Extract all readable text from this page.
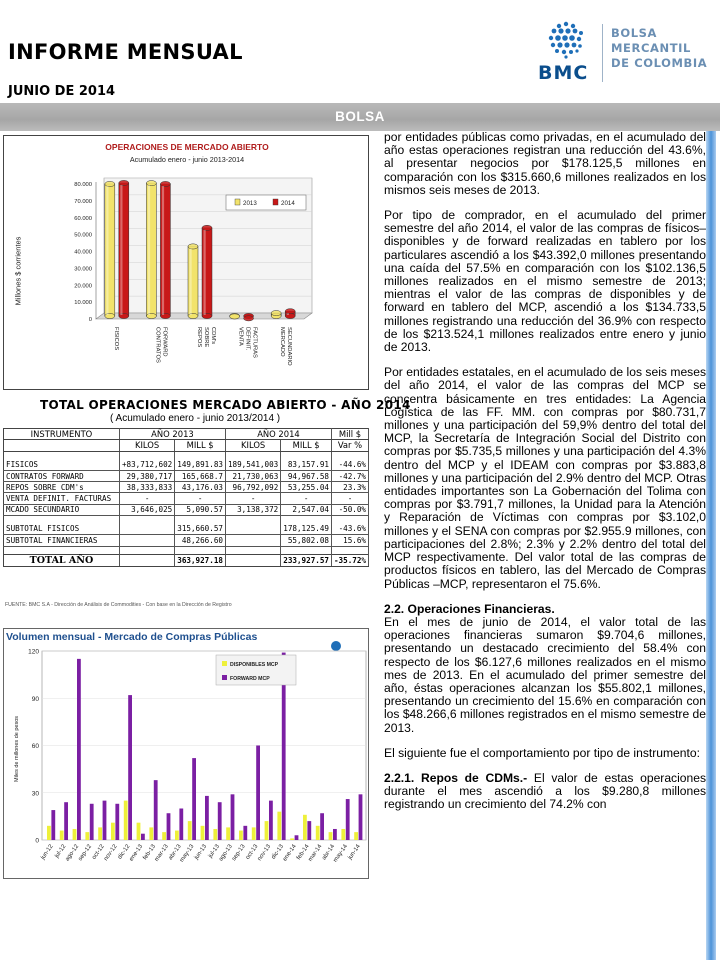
INFORME MENSUAL
JUNIO DE 2014
BMC
BOLSA
MERCANTIL
DE COLOMBIA
BOLSA
OPERACIONES DE MERCADO ABIERTO
Acumulado enero - junio 2013-2014
Millones $ corrientes
0
10.000
20.000
30.000
40.000
50.000
60.000
70.000
80.000
FISICOS	CONTRATOS FORWARD	REPOS SOBRE CDM's	VENTA DEFINIT. FACTURAS	MERCADO SECUNDARIO
2013	2014
TOTAL OPERACIONES MERCADO ABIERTO - AÑO 2014
( Acumulado enero - junio 2013/2014 )
INSTRUMENTO	AÑO 2013		AÑO 2014		Mill $
	KILOS	MILL $	KILOS	MILL $	Var %

FISICOS	+83,712,602	149,891.83	189,541,003	83,157.91	-44.6%
CONTRATOS FORWARD	29,380,717	165,668.7	21,730,063	94,967.58	-42.7%
REPOS SOBRE CDM's	38,333,833	43,176.03	96,792,092	53,255.04	23.3%
VENTA DEFINIT. FACTURAS	-	-	-	-	-
MCADO SECUNDARIO	3,646,025	5,090.57	3,138,372	2,547.04	-50.0%

SUBTOTAL FISICOS		315,660.57		178,125.49	-43.6%
SUBTOTAL FINANCIERAS		48,266.60		55,802.08	15.6%

TOTAL AÑO		363,927.18		233,927.57	-35.72%
FUENTE: BMC S.A - Dirección de Análisis de Commodities - Con base en la Dirección de Registro
0
30
60
90
120
Miles de millones de pesos
jun-12 jul-12
ago-12
sep-12
oct-12
nov-12
dic-12
ene-13
feb-13
mar-13
abr-13
may-13
jun-13 jul-13
ago-13
sep-13
oct-13
nov-13
dic-13
ene-14
feb-14
mar-14
abr-14
may-14
jun-14
DISPONIBLES MCP
FORWARD MCP
Volumen mensual - Mercado de Compras Públicas

por entidades públicas como privadas, en el acumulado del año estas operaciones registran una reducción del 43.6%, al presentar negocios por $178.125,5 millones en comparación con los $315.660,6 millones realizados en los mismos seis meses de 2013.

Por tipo de comprador, en el acumulado del primer semestre del año 2014, el valor de las compras de físicos–disponibles y de forward realizadas en tablero por los particulares ascendió a los $43.392,0 millones presentando una caída del 57.5% en comparación con los $102.136,5 millones realizados en el mismo semestre de 2013; mientras el valor de las compras de disponibles y de forward en tablero del MCP, ascendió a los $134.733,5 millones registrando una reducción del 36.9% con respecto de los $213.524,1 millones realizados entre enero y junio de 2013.

Por entidades estatales, en el acumulado de los seis meses del año 2014, el valor de las compras del MCP se concentra básicamente en tres entidades: La Agencia Logística de las FF. MM. con compras por $80.731,7 millones y una participación del 59,9% dentro del total del MCP, la Secretaría de Integración Social del Distrito con compras por $5.735,5 millones y una participación del 4.3% dentro del MCP y el IDEAM con compras por $3.883,8 millones y una participación del 2.9% dentro del MCP. Otras entidades importantes son La Gobernación del Tolima con compras por $3.791,7 millones, la Unidad para la Atención y Reparación de Víctimas con compras por $3.102,0 millones y el SENA con compras por $2.955.9 millones, con participaciones del 2.8%; 2.3% y 2.2% dentro del total del MCP respectivamente. Del valor total de las compras de productos físicos en tablero, las del Mercado de Compras Públicas –MCP, representaron el 75.6%.

2.2. Operaciones Financieras.

En el mes de junio de 2014, el valor total de las operaciones financieras sumaron $9.704,6 millones, presentando un destacado crecimiento del 58.4% con respecto de los $6.127,6 millones realizados en el mismo mes de 2013. En el acumulado del primer semestre del año, éstas operaciones alcanzan los $55.802,1 millones, presentando un crecimiento del 15.6% en comparación con los $48.266,6 millones registrados en el mismo semestre de 2013.

El siguiente fue el comportamiento por tipo de instrumento:

2.2.1. Repos de CDMs.- El valor de estas operaciones durante el mes ascendió a los $9.280,8 millones registrando un crecimiento del 74.2% con
